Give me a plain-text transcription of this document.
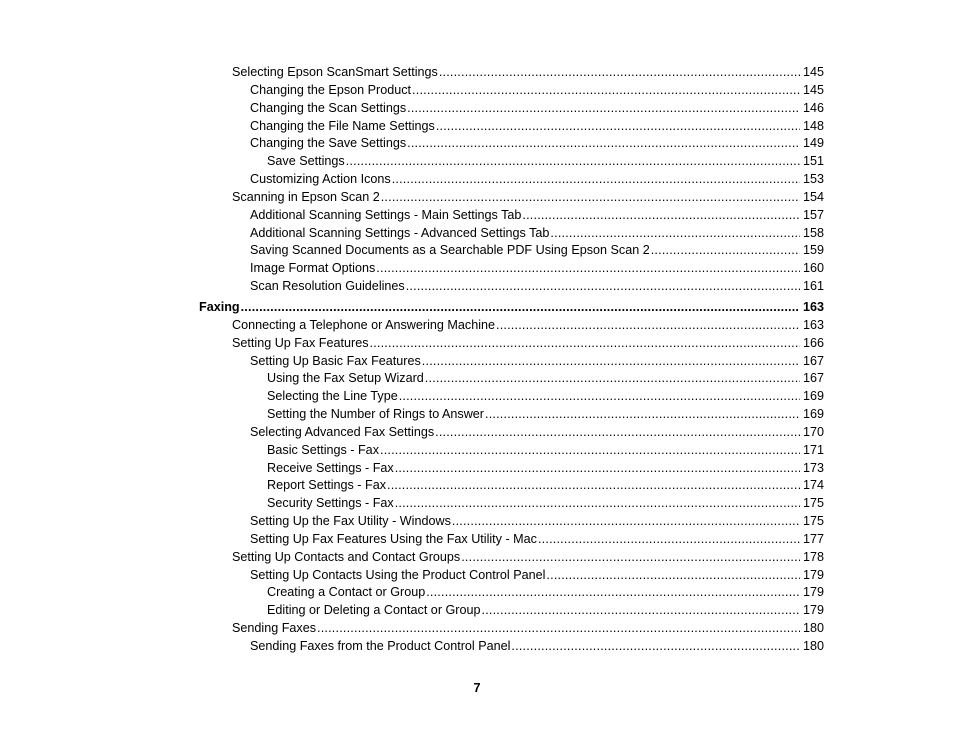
Selecting Epson ScanSmart Settings .....	145
Changing the Epson Product .....	145
Changing the Scan Settings .....	146
Changing the File Name Settings .....	148
Changing the Save Settings .....	149
Save Settings .....	151
Customizing Action Icons .....	153
Scanning in Epson Scan 2 .....	154
Additional Scanning Settings - Main Settings Tab .....	157
Additional Scanning Settings - Advanced Settings Tab .....	158
Saving Scanned Documents as a Searchable PDF Using Epson Scan 2 .....	159
Image Format Options .....	160
Scan Resolution Guidelines .....	161
Faxing .....	163
Connecting a Telephone or Answering Machine .....	163
Setting Up Fax Features .....	166
Setting Up Basic Fax Features .....	167
Using the Fax Setup Wizard .....	167
Selecting the Line Type .....	169
Setting the Number of Rings to Answer .....	169
Selecting Advanced Fax Settings .....	170
Basic Settings - Fax .....	171
Receive Settings - Fax .....	173
Report Settings - Fax .....	174
Security Settings - Fax .....	175
Setting Up the Fax Utility - Windows .....	175
Setting Up Fax Features Using the Fax Utility - Mac .....	177
Setting Up Contacts and Contact Groups .....	178
Setting Up Contacts Using the Product Control Panel .....	179
Creating a Contact or Group .....	179
Editing or Deleting a Contact or Group .....	179
Sending Faxes .....	180
Sending Faxes from the Product Control Panel .....	180
7
